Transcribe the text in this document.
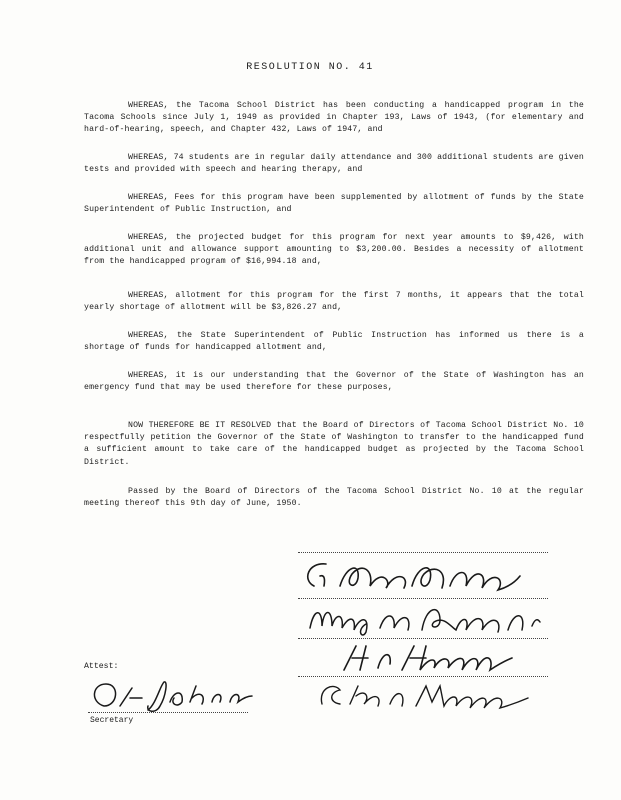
RESOLUTION NO. 41

WHEREAS, the Tacoma School District has been conducting a handicapped program in the Tacoma Schools since July 1, 1949 as provided in Chapter 193, Laws of 1943, (for elementary and hard-of-hearing, speech, and Chapter 432, Laws of 1947, and

WHEREAS, 74 students are in regular daily attendance and 300 additional students are given tests and provided with speech and hearing therapy, and

WHEREAS, Fees for this program have been supplemented by allotment of funds by the State Superintendent of Public Instruction, and

WHEREAS, the projected budget for this program for next year amounts to $9,426, with additional unit and allowance support amounting to $3,200.00. Besides a necessity of allotment from the handicapped program of $16,994.18 and,

WHEREAS, allotment for this program for the first 7 months, it appears that the total yearly shortage of allotment will be $3,826.27 and,

WHEREAS, the State Superintendent of Public Instruction has informed us there is a shortage of funds for handicapped allotment and,

WHEREAS, it is our understanding that the Governor of the State of Washington has an emergency fund that may be used therefore for these purposes,

NOW THEREFORE BE IT RESOLVED that the Board of Directors of Tacoma School District No. 10 respectfully petition the Governor of the State of Washington to transfer to the handicapped fund a sufficient amount to take care of the handicapped budget as projected by the Tacoma School District.

Passed by the Board of Directors of the Tacoma School District No. 10 at the regular meeting thereof this 9th day of June, 1950.

Attest:
Secretary
